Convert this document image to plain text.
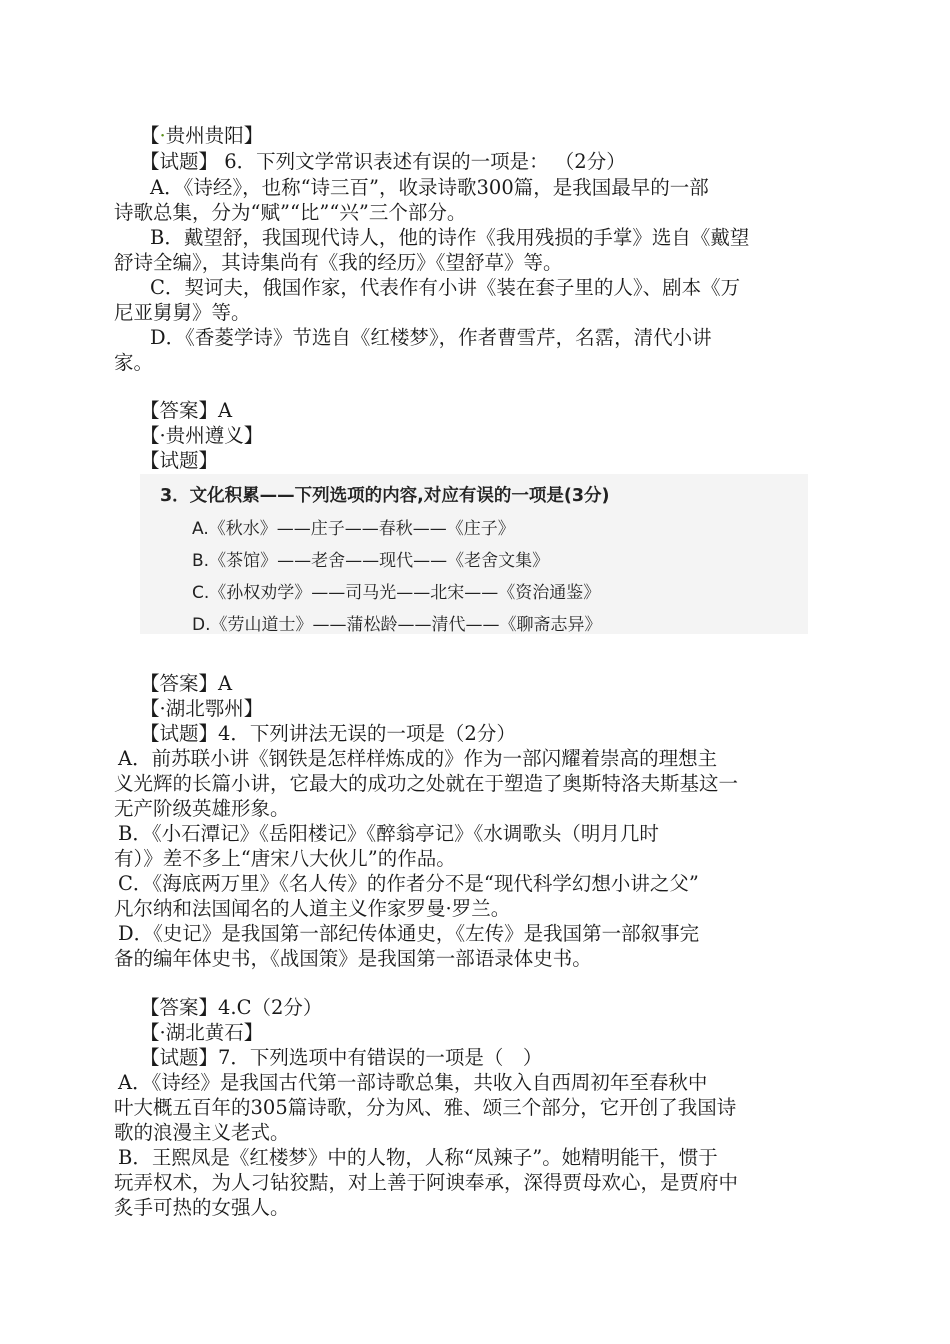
【·贵州贵阳】
【试题】 6．下列文学常识表述有误的一项是： （2分）
A．《诗经》，也称“诗三百”，收录诗歌300篇，是我国最早的一部
诗歌总集，分为“赋”“比”“兴”三个部分。
B．戴望舒，我国现代诗人，他的诗作《我用残损的手掌》选自《戴望
舒诗全编》，其诗集尚有《我的经历》《望舒草》等。
C．契诃夫，俄国作家，代表作有小讲《装在套子里的人》、剧本《万
尼亚舅舅》等。
D．《香菱学诗》节选自《红楼梦》，作者曹雪芹，名霑，清代小讲
家。
【答案】A
【·贵州遵义】
【试题】
3．文化积累——下列选项的内容,对应有误的一项是(3分)
A.《秋水》——庄子——春秋——《庄子》
B.《茶馆》——老舍——现代——《老舍文集》
C.《孙权劝学》——司马光——北宋——《资治通鉴》
D.《劳山道士》——蒲松龄——清代——《聊斋志异》
【答案】A
【·湖北鄂州】
【试题】4．下列讲法无误的一项是（2分）
A．前苏联小讲《钢铁是怎样样炼成的》作为一部闪耀着崇高的理想主
义光辉的长篇小讲，它最大的成功之处就在于塑造了奥斯特洛夫斯基这一
无产阶级英雄形象。
B．《小石潭记》《岳阳楼记》《醉翁亭记》《水调歌头（明月几时
有）》差不多上“唐宋八大伙儿”的作品。
C．《海底两万里》《名人传》的作者分不是“现代科学幻想小讲之父”
凡尔纳和法国闻名的人道主义作家罗曼·罗兰。
D．《史记》是我国第一部纪传体通史，《左传》是我国第一部叙事完
备的编年体史书，《战国策》是我国第一部语录体史书。
【答案】4.C（2分）
【·湖北黄石】
【试题】7．下列选项中有错误的一项是（　）
A．《诗经》是我国古代第一部诗歌总集，共收入自西周初年至春秋中
叶大概五百年的305篇诗歌，分为风、雅、颂三个部分，它开创了我国诗
歌的浪漫主义老式。
B．王熙凤是《红楼梦》中的人物，人称“凤辣子”。她精明能干，惯于
玩弄权术，为人刁钻狡黠，对上善于阿谀奉承，深得贾母欢心，是贾府中
炙手可热的女强人。
